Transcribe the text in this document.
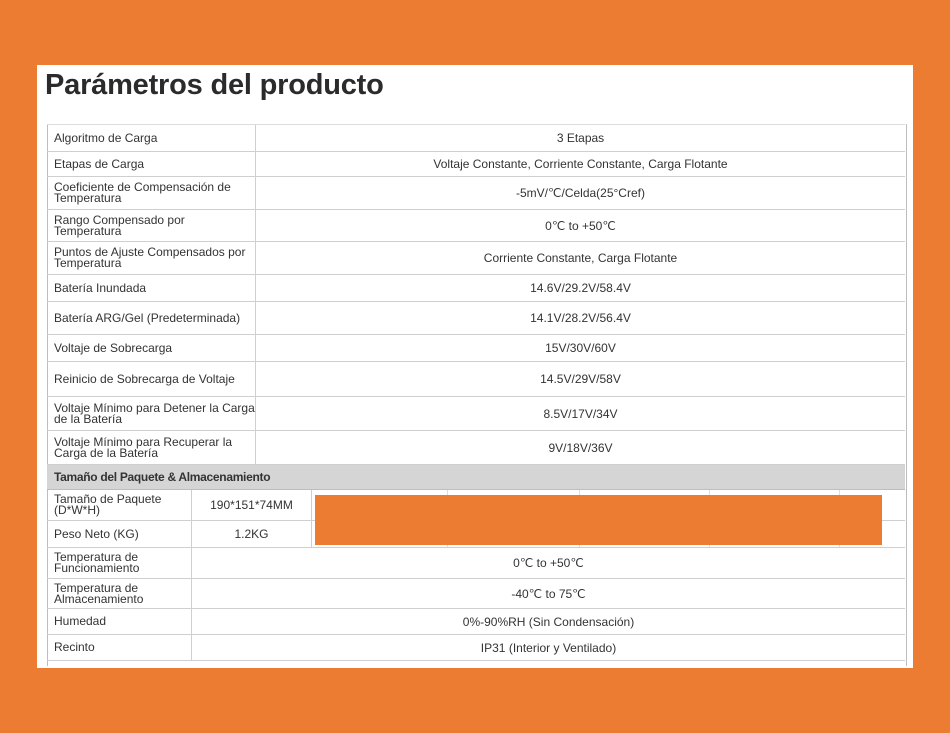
Parámetros del producto
Algoritmo de Carga	3 Etapas
Etapas de Carga	Voltaje Constante, Corriente Constante, Carga Flotante
Coeficiente de Compensación de Temperatura	-5mV/℃/Celda(25°Cref)
Rango Compensado por Temperatura	0℃ to +50℃
Puntos de Ajuste Compensados por Temperatura	Corriente Constante, Carga Flotante
Batería Inundada	14.6V/29.2V/58.4V
Batería ARG/Gel (Predeterminada)	14.1V/28.2V/56.4V
Voltaje de Sobrecarga	15V/30V/60V
Reinicio de Sobrecarga de Voltaje	14.5V/29V/58V
Voltaje Mínimo para Detener la Carga de la Batería	8.5V/17V/34V
Voltaje Mínimo para Recuperar la Carga de la Batería	9V/18V/36V
Tamaño del Paquete & Almacenamiento
Tamaño de Paquete (D*W*H)	190*151*74MM
Peso Neto (KG)	1.2KG
Temperatura de Funcionamiento	0℃ to +50℃
Temperatura de Almacenamiento	-40℃ to 75℃
Humedad	0%-90%RH (Sin Condensación)
Recinto	IP31 (Interior y Ventilado)
